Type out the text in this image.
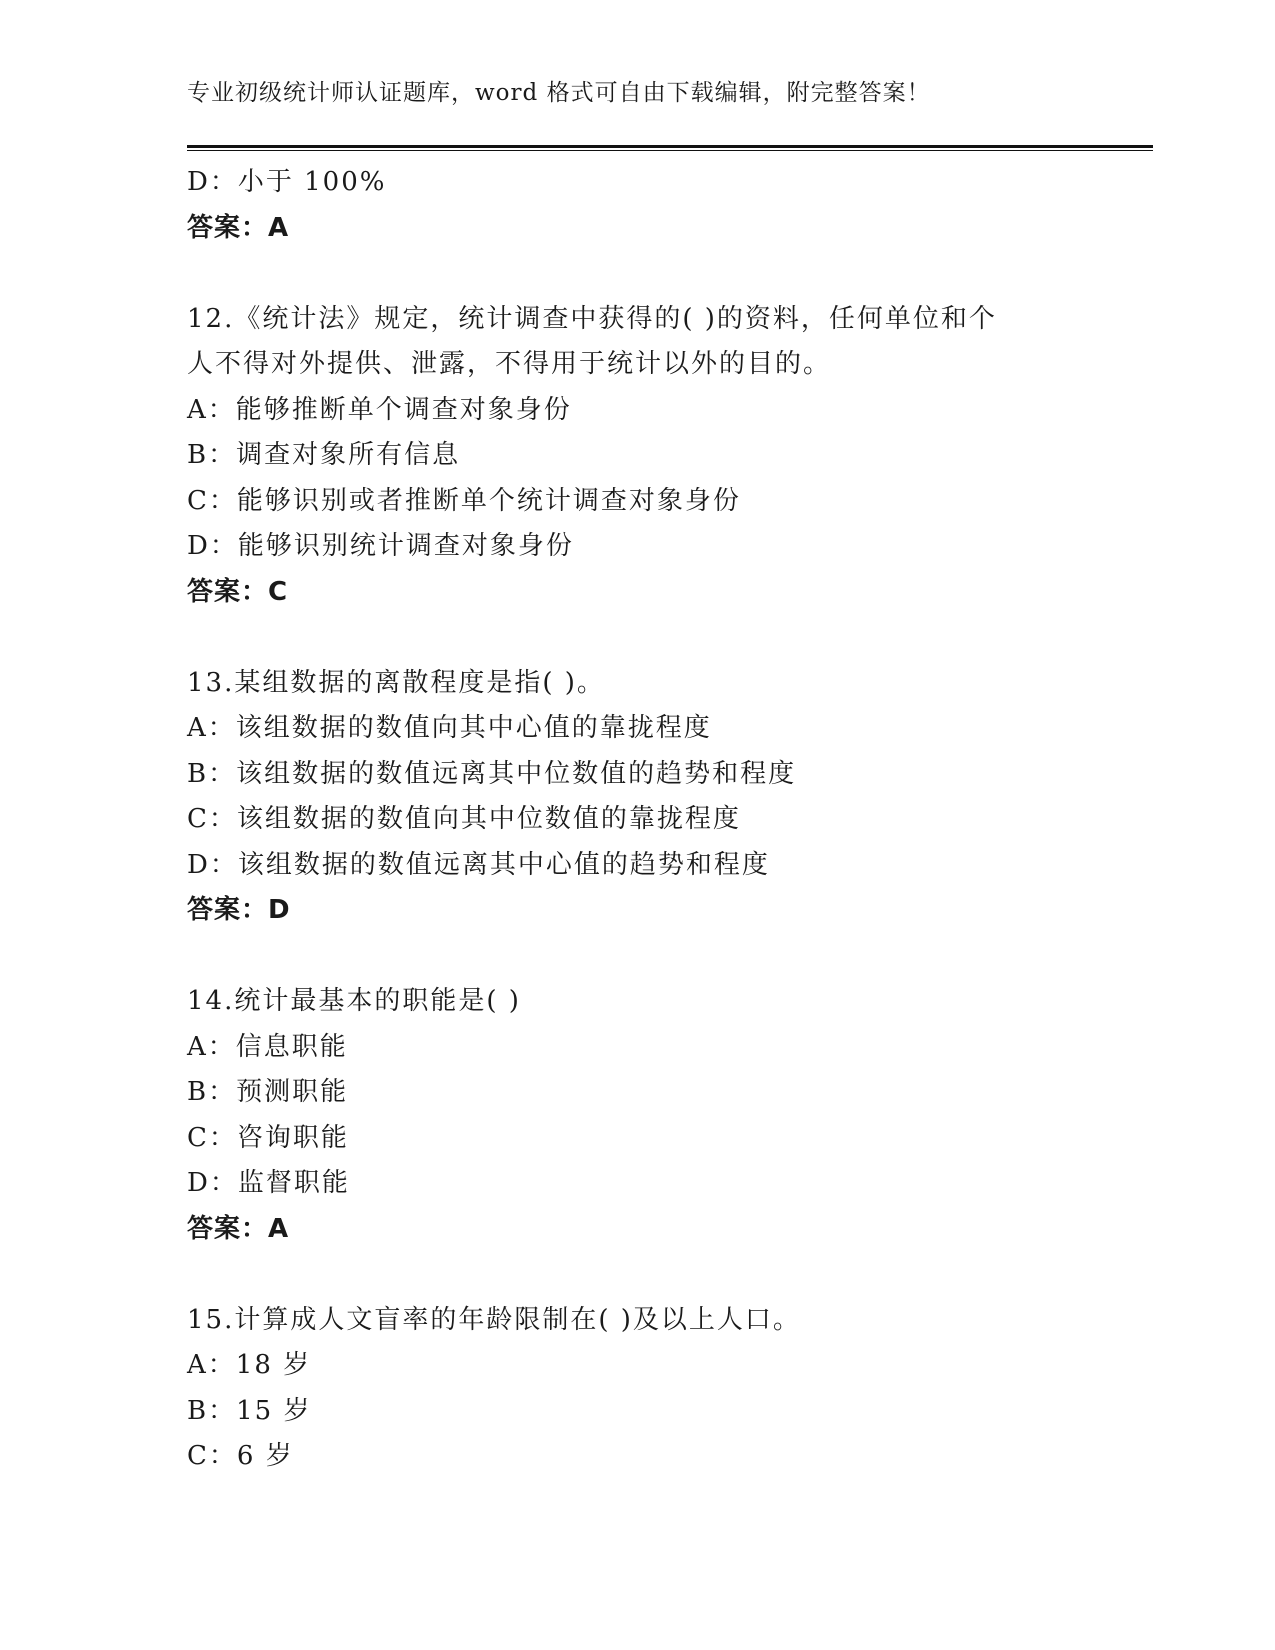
专业初级统计师认证题库，word 格式可自由下载编辑，附完整答案！
D：小于 100%
答案：A
12.《统计法》规定，统计调查中获得的( )的资料，任何单位和个
人不得对外提供、泄露，不得用于统计以外的目的。
A：能够推断单个调查对象身份
B：调查对象所有信息
C：能够识别或者推断单个统计调查对象身份
D：能够识别统计调查对象身份
答案：C
13.某组数据的离散程度是指( )。
A：该组数据的数值向其中心值的靠拢程度
B：该组数据的数值远离其中位数值的趋势和程度
C：该组数据的数值向其中位数值的靠拢程度
D：该组数据的数值远离其中心值的趋势和程度
答案：D
14.统计最基本的职能是( )
A：信息职能
B：预测职能
C：咨询职能
D：监督职能
答案：A
15.计算成人文盲率的年龄限制在( )及以上人口。
A：18 岁
B：15 岁
C：6 岁
